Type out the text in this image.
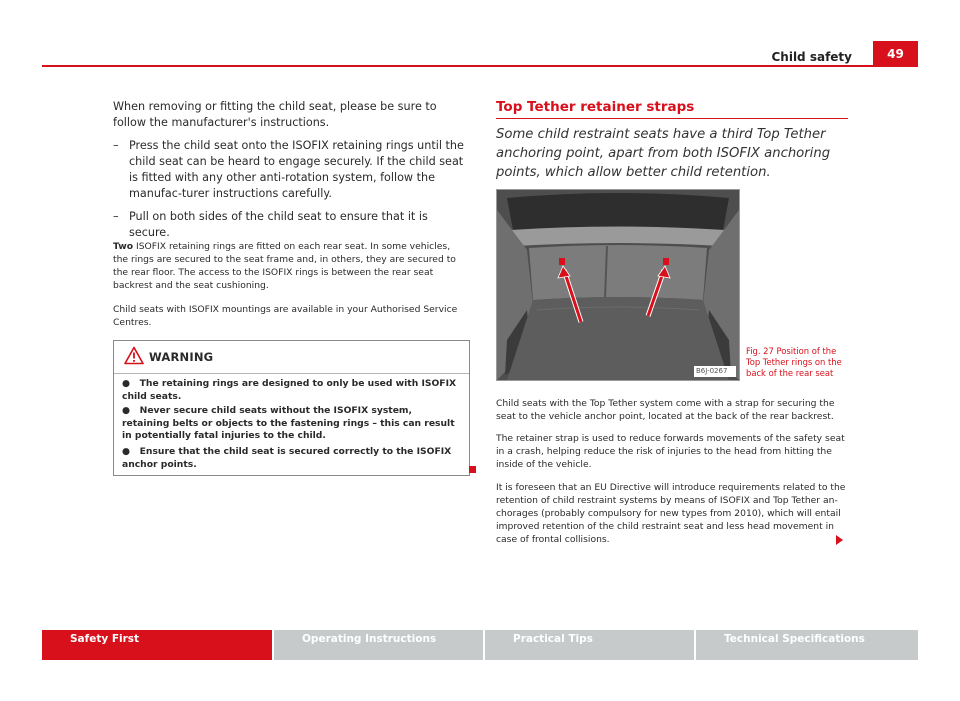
Child safety	49

When removing or fitting the child seat, please be sure to follow the manufacturer's instructions.

– Press the child seat onto the ISOFIX retaining rings until the child seat can be heard to engage securely. If the child seat is fitted with any other anti-rotation system, follow the manufac-turer instructions carefully.
– Pull on both sides of the child seat to ensure that it is secure.

Two ISOFIX retaining rings are fitted on each rear seat. In some vehicles, the rings are secured to the seat frame and, in others, they are secured to the rear floor. The access to the ISOFIX rings is between the rear seat backrest and the seat cushioning.

Child seats with ISOFIX mountings are available in your Authorised Service Centres.

WARNING
● The retaining rings are designed to only be used with ISOFIX child seats.
● Never secure child seats without the ISOFIX system, retaining belts or objects to the fastening rings – this can result in potentially fatal injuries to the child.
● Ensure that the child seat is secured correctly to the ISOFIX anchor points.
Top Tether retainer straps
Some child restraint seats have a third Top Tether anchoring point, apart from both ISOFIX anchoring points, which allow better child retention.
B6J-0267
Fig. 27 Position of the Top Tether rings on the back of the rear seat
Child seats with the Top Tether system come with a strap for securing the seat to the vehicle anchor point, located at the back of the rear backrest.
The retainer strap is used to reduce forwards movements of the safety seat in a crash, helping reduce the risk of injuries to the head from hitting the inside of the vehicle.
It is foreseen that an EU Directive will introduce requirements related to the retention of child restraint systems by means of ISOFIX and Top Tether an-chorages (probably compulsory for new types from 2010), which will entail improved retention of the child restraint seat and less head movement in case of frontal collisions.
Safety First	Operating Instructions	Practical Tips	Technical Specifications
